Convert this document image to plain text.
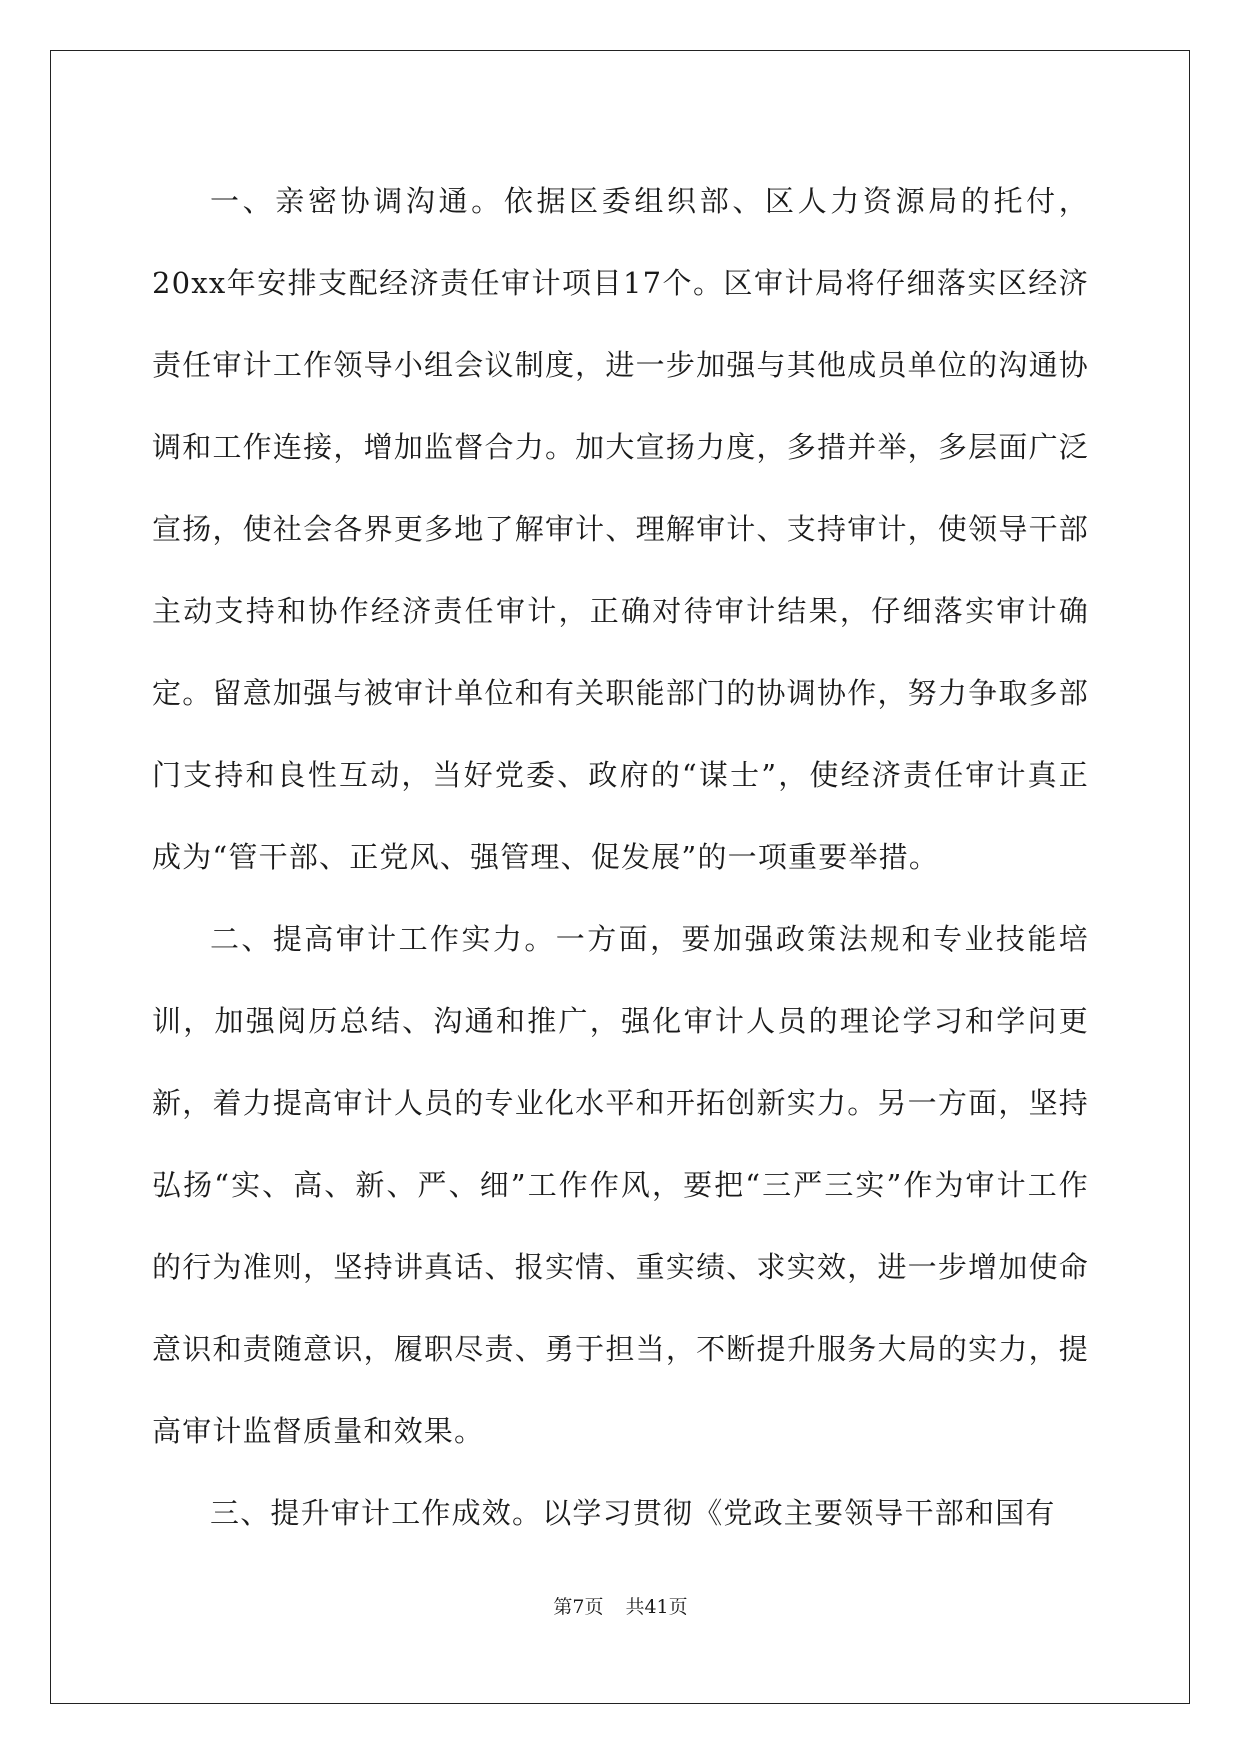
一、亲密协调沟通。依据区委组织部、区人力资源局的托付，20xx年安排支配经济责任审计项目17个。区审计局将仔细落实区经济责任审计工作领导小组会议制度，进一步加强与其他成员单位的沟通协调和工作连接，增加监督合力。加大宣扬力度，多措并举，多层面广泛宣扬，使社会各界更多地了解审计、理解审计、支持审计，使领导干部主动支持和协作经济责任审计，正确对待审计结果，仔细落实审计确定。留意加强与被审计单位和有关职能部门的协调协作，努力争取多部门支持和良性互动，当好党委、政府的“谋士”，使经济责任审计真正成为“管干部、正党风、强管理、促发展”的一项重要举措。

二、提高审计工作实力。一方面，要加强政策法规和专业技能培训，加强阅历总结、沟通和推广，强化审计人员的理论学习和学问更新，着力提高审计人员的专业化水平和开拓创新实力。另一方面，坚持弘扬“实、高、新、严、细”工作作风，要把“三严三实”作为审计工作的行为准则，坚持讲真话、报实情、重实绩、求实效，进一步增加使命意识和责随意识，履职尽责、勇于担当，不断提升服务大局的实力，提高审计监督质量和效果。

三、提升审计工作成效。以学习贯彻《党政主要领导干部和国有

第7页 共41页
